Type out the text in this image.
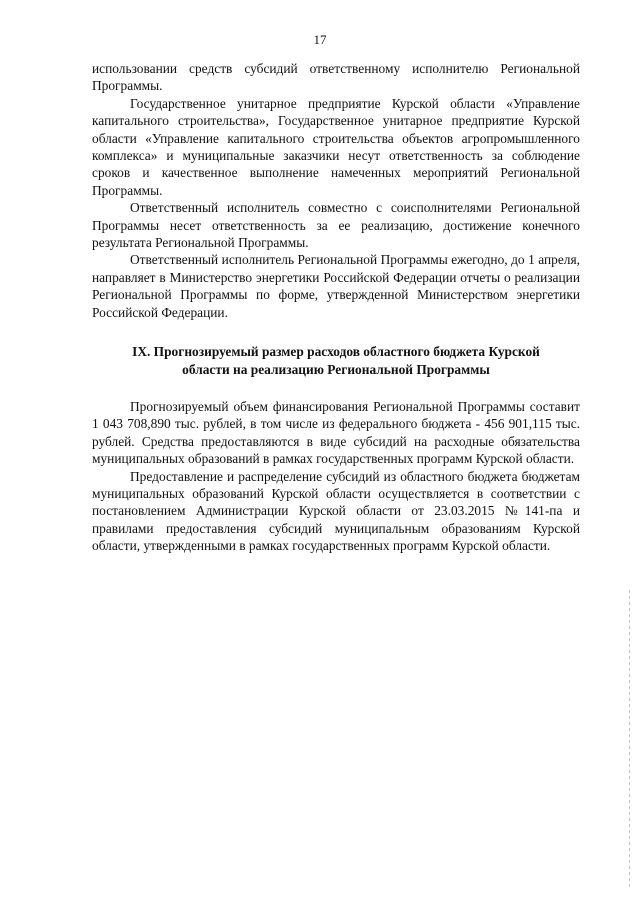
17

использовании средств субсидий ответственному исполнителю Региональной Программы.

Государственное унитарное предприятие Курской области «Управление капитального строительства», Государственное унитарное предприятие Курской области «Управление капитального строительства объектов агропромышленного комплекса» и муниципальные заказчики несут ответственность за соблюдение сроков и качественное выполнение намеченных мероприятий Региональной Программы.

Ответственный исполнитель совместно с соисполнителями Региональной Программы несет ответственность за ее реализацию, достижение конечного результата Региональной Программы.

Ответственный исполнитель Региональной Программы ежегодно, до 1 апреля, направляет в Министерство энергетики Российской Федерации отчеты о реализации Региональной Программы по форме, утвержденной Министерством энергетики Российской Федерации.

IX. Прогнозируемый размер расходов областного бюджета Курской
области на реализацию Региональной Программы

Прогнозируемый объем финансирования Региональной Программы составит 1 043 708,890 тыс. рублей, в том числе из федерального бюджета - 456 901,115 тыс. рублей. Средства предоставляются в виде субсидий на расходные обязательства муниципальных образований в рамках государственных программ Курской области.

Предоставление и распределение субсидий из областного бюджета бюджетам муниципальных образований Курской области осуществляется в соответствии с постановлением Администрации Курской области от 23.03.2015 №141-па и правилами предоставления субсидий муниципальным образованиям Курской области, утвержденными в рамках государственных программ Курской области.
